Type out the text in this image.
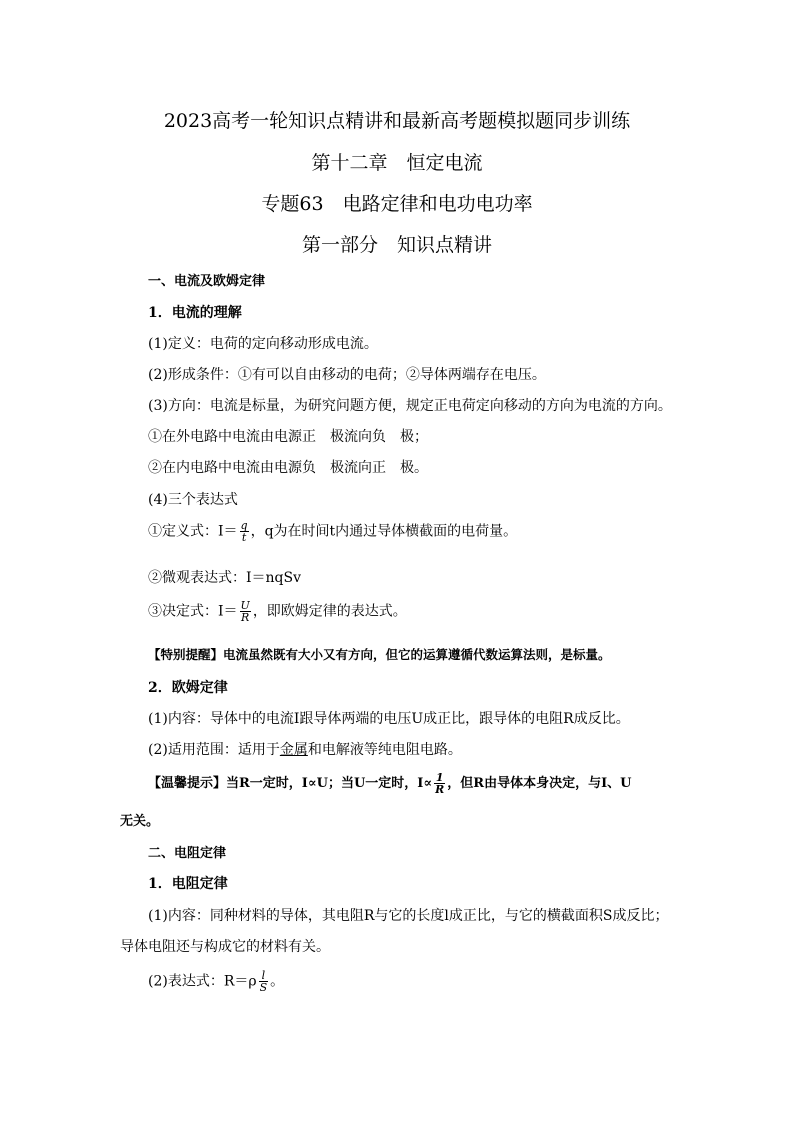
2023高考一轮知识点精讲和最新高考题模拟题同步训练
第十二章　恒定电流
专题63　电路定律和电功电功率
第一部分　知识点精讲
一、电流及欧姆定律
1．电流的理解
(1)定义：电荷的定向移动形成电流。
(2)形成条件：①有可以自由移动的电荷；②导体两端存在电压。
(3)方向：电流是标量，为研究问题方便，规定正电荷定向移动的方向为电流的方向。
①在外电路中电流由电源正　极流向负　极；
②在内电路中电流由电源负　极流向正　极。
(4)三个表达式
①定义式：$I= \frac{q}{t}$ ，q为在时间t内通过导体横截面的电荷量。
②微观表达式：I＝nqSv
③决定式：$I= \frac{U}{R}$ ，即欧姆定律的表达式。
【特别提醒】电流虽然既有大小又有方向，但它的运算遵循代数运算法则，是标量。
2．欧姆定律
(1)内容：导体中的电流I跟导体两端的电压U成正比，跟导体的电阻R成反比。
(2)适用范围：适用于金属和电解液等纯电阻电路。
【温馨提示】当R一定时，I∝U；当U一定时，$I\propto \frac{1}{R}$ ，但R由导体本身决定，与I、U
无关。
二、电阻定律
1．电阻定律
(1)内容：同种材料的导体，其电阻R与它的长度l成正比，与它的横截面积S成反比；
导体电阻还与构成它的材料有关。
(2)表达式：$R=\rho \frac{l}{S}$ 。
